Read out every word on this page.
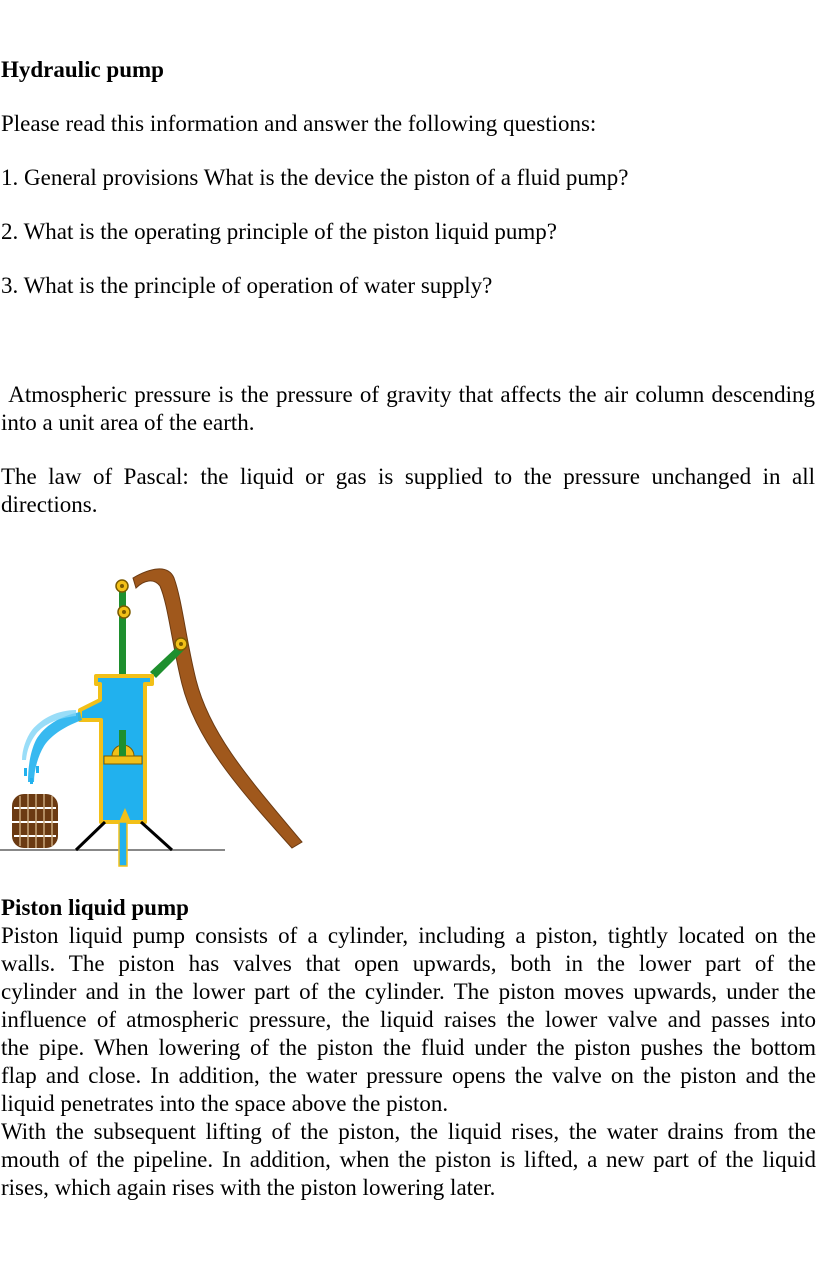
Hydraulic pump
Please read this information and answer the following questions:
1. General provisions What is the device the piston of a fluid pump?
2. What is the operating principle of the piston liquid pump?
3. What is the principle of operation of water supply?
Atmospheric pressure is the pressure of gravity that affects the air column descending into a unit area of the earth.
The law of Pascal: the liquid or gas is supplied to the pressure unchanged in all directions.
Piston liquid pump
Piston liquid pump consists of a cylinder, including a piston, tightly located on the
walls. The piston has valves that open upwards, both in the lower part of the
cylinder and in the lower part of the cylinder. The piston moves upwards, under the
influence of atmospheric pressure, the liquid raises the lower valve and passes into
the pipe. When lowering of the piston the fluid under the piston pushes the bottom
flap and close. In addition, the water pressure opens the valve on the piston and the
liquid penetrates into the space above the piston.
With the subsequent lifting of the piston, the liquid rises, the water drains from the
mouth of the pipeline. In addition, when the piston is lifted, a new part of the liquid
rises, which again rises with the piston lowering later.
